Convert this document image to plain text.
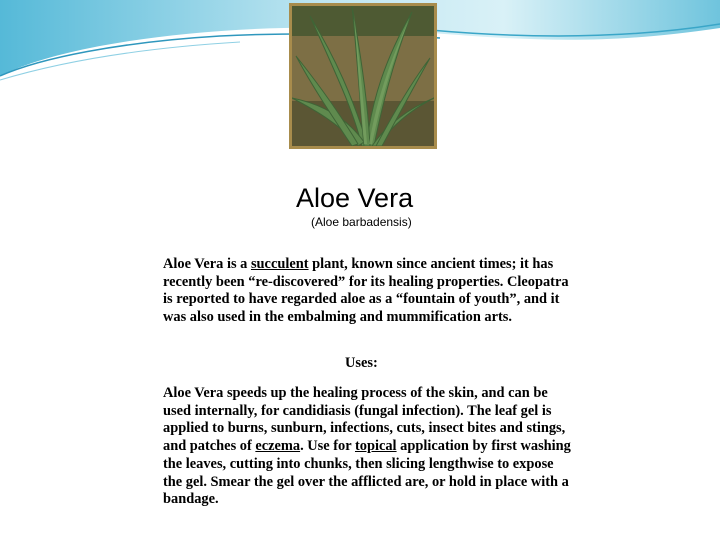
Aloe Vera
(Aloe barbadensis)

Aloe Vera is a succulent plant, known since ancient times; it has recently been “re-discovered” for its healing properties. Cleopatra is reported to have regarded aloe as a “fountain of youth”, and it was also used in the embalming and mummification arts.

Uses:

Aloe Vera speeds up the healing process of the skin, and can be used internally, for candidiasis (fungal infection). The leaf gel is applied to burns, sunburn, infections, cuts, insect bites and stings, and patches of eczema. Use for topical application by first washing the leaves, cutting into chunks, then slicing lengthwise to expose the gel. Smear the gel over the afflicted are, or hold in place with a bandage.
